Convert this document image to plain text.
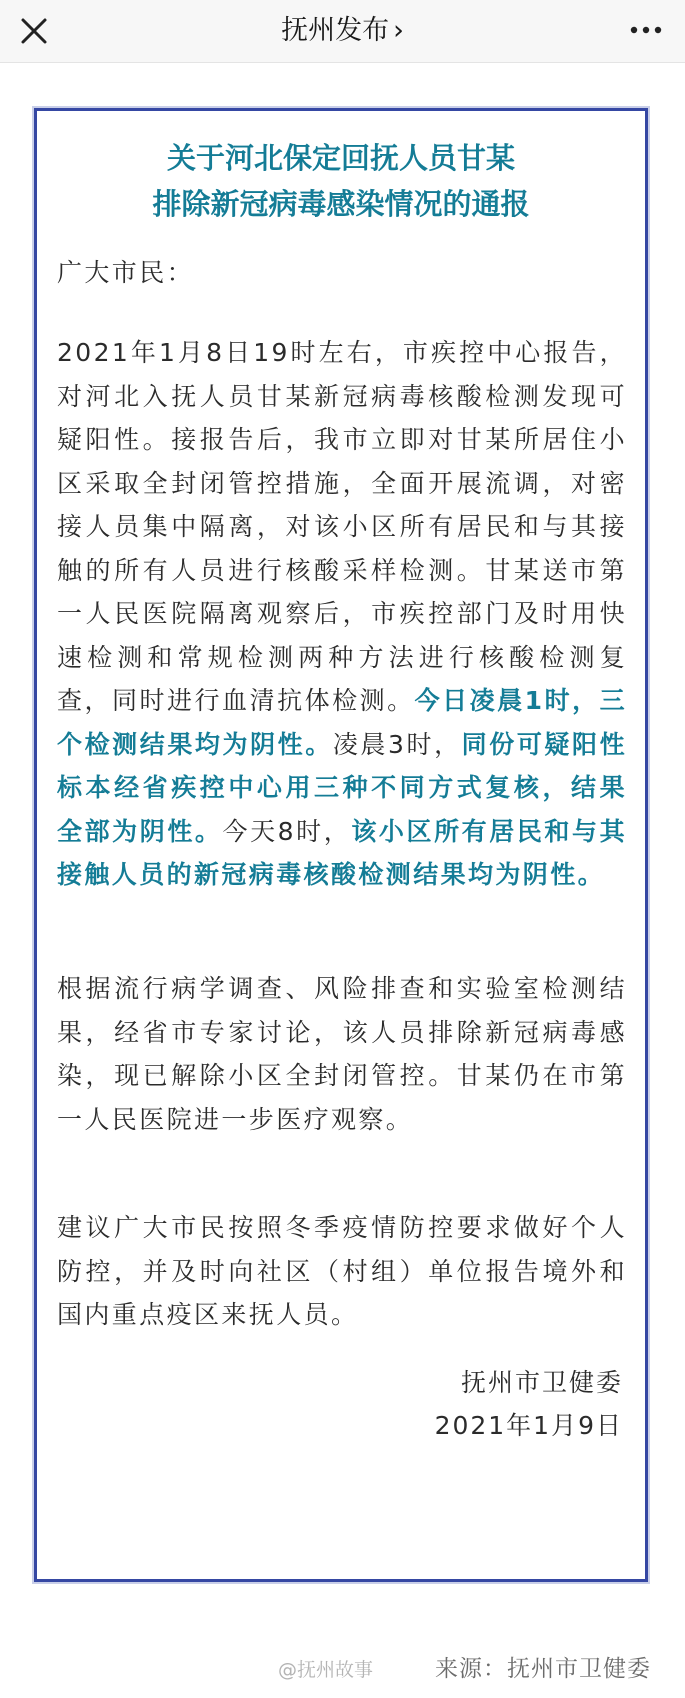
抚州发布 ›
关于河北保定回抚人员甘某
排除新冠病毒感染情况的通报

广大市民：

2021年1月8日19时左右，市疾控中心报告，对河北入抚人员甘某新冠病毒核酸检测发现可疑阳性。接报告后，我市立即对甘某所居住小区采取全封闭管控措施，全面开展流调，对密接人员集中隔离，对该小区所有居民和与其接触的所有人员进行核酸采样检测。甘某送市第一人民医院隔离观察后，市疾控部门及时用快速检测和常规检测两种方法进行核酸检测复查，同时进行血清抗体检测。今日凌晨1时，三个检测结果均为阴性。凌晨3时，同份可疑阳性标本经省疾控中心用三种不同方式复核，结果全部为阴性。今天8时，该小区所有居民和与其接触人员的新冠病毒核酸检测结果均为阴性。

根据流行病学调查、风险排查和实验室检测结果，经省市专家讨论，该人员排除新冠病毒感染，现已解除小区全封闭管控。甘某仍在市第一人民医院进一步医疗观察。

建议广大市民按照冬季疫情防控要求做好个人防控，并及时向社区（村组）单位报告境外和国内重点疫区来抚人员。

抚州市卫健委
2021年1月9日
@抚州故事	来源：抚州市卫健委
